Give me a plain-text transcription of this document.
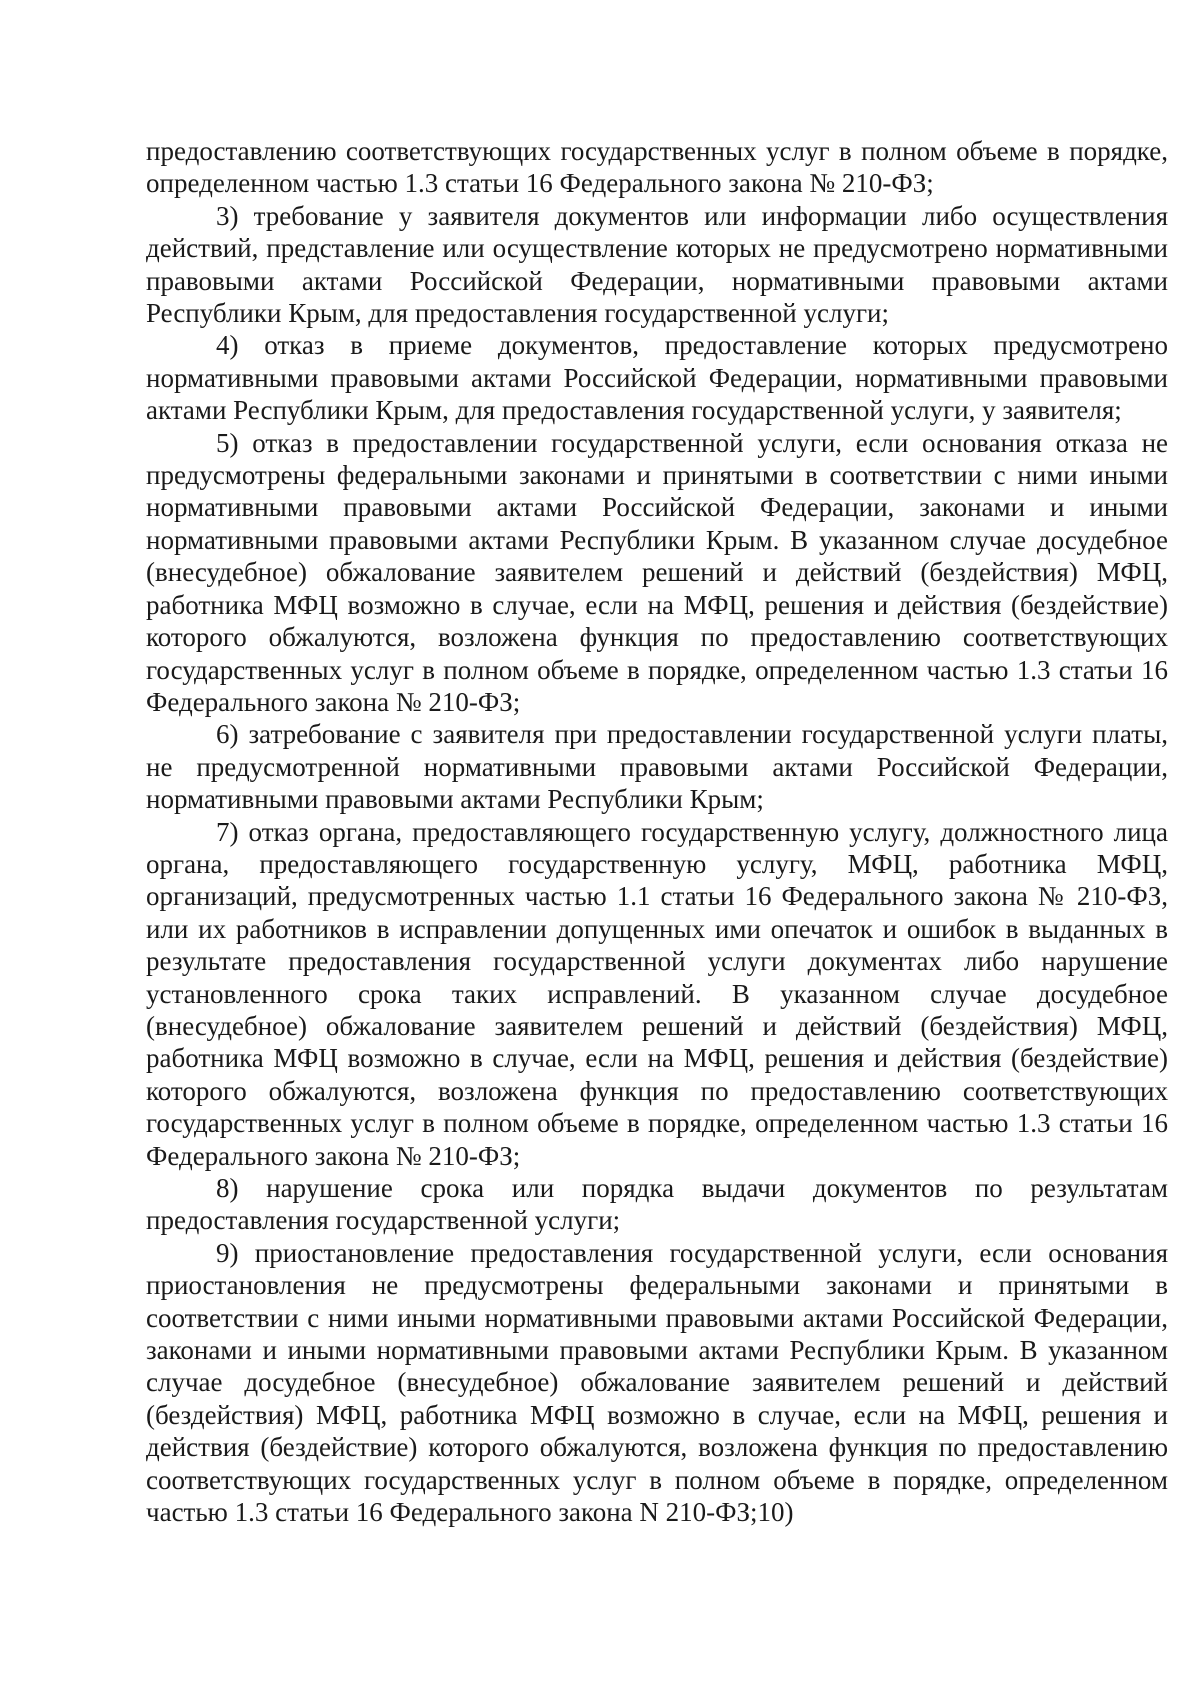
предоставлению соответствующих государственных услуг в полном объеме в порядке, определенном частью 1.3 статьи 16 Федерального закона № 210-ФЗ;

3) требование у заявителя документов или информации либо осуществления действий, представление или осуществление которых не предусмотрено нормативными правовыми актами Российской Федерации, нормативными правовыми актами Республики Крым, для предоставления государственной услуги;

4) отказ в приеме документов, предоставление которых предусмотрено нормативными правовыми актами Российской Федерации, нормативными правовыми актами Республики Крым, для предоставления государственной услуги, у заявителя;

5) отказ в предоставлении государственной услуги, если основания отказа не предусмотрены федеральными законами и принятыми в соответствии с ними иными нормативными правовыми актами Российской Федерации, законами и иными нормативными правовыми актами Республики Крым. В указанном случае досудебное (внесудебное) обжалование заявителем решений и действий (бездействия) МФЦ, работника МФЦ возможно в случае, если на МФЦ, решения и действия (бездействие) которого обжалуются, возложена функция по предоставлению соответствующих государственных услуг в полном объеме в порядке, определенном частью 1.3 статьи 16 Федерального закона № 210-ФЗ;

6) затребование с заявителя при предоставлении государственной услуги платы, не предусмотренной нормативными правовыми актами Российской Федерации, нормативными правовыми актами Республики Крым;

7) отказ органа, предоставляющего государственную услугу, должностного лица органа, предоставляющего государственную услугу, МФЦ, работника МФЦ, организаций, предусмотренных частью 1.1 статьи 16 Федерального закона № 210-ФЗ, или их работников в исправлении допущенных ими опечаток и ошибок в выданных в результате предоставления государственной услуги документах либо нарушение установленного срока таких исправлений. В указанном случае досудебное (внесудебное) обжалование заявителем решений и действий (бездействия) МФЦ, работника МФЦ возможно в случае, если на МФЦ, решения и действия (бездействие) которого обжалуются, возложена функция по предоставлению соответствующих государственных услуг в полном объеме в порядке, определенном частью 1.3 статьи 16 Федерального закона № 210-ФЗ;

8) нарушение срока или порядка выдачи документов по результатам предоставления государственной услуги;

9) приостановление предоставления государственной услуги, если основания приостановления не предусмотрены федеральными законами и принятыми в соответствии с ними иными нормативными правовыми актами Российской Федерации, законами и иными нормативными правовыми актами Республики Крым. В указанном случае досудебное (внесудебное) обжалование заявителем решений и действий (бездействия) МФЦ, работника МФЦ возможно в случае, если на МФЦ, решения и действия (бездействие) которого обжалуются, возложена функция по предоставлению соответствующих государственных услуг в полном объеме в порядке, определенном частью 1.3 статьи 16 Федерального закона N 210-ФЗ;10)
